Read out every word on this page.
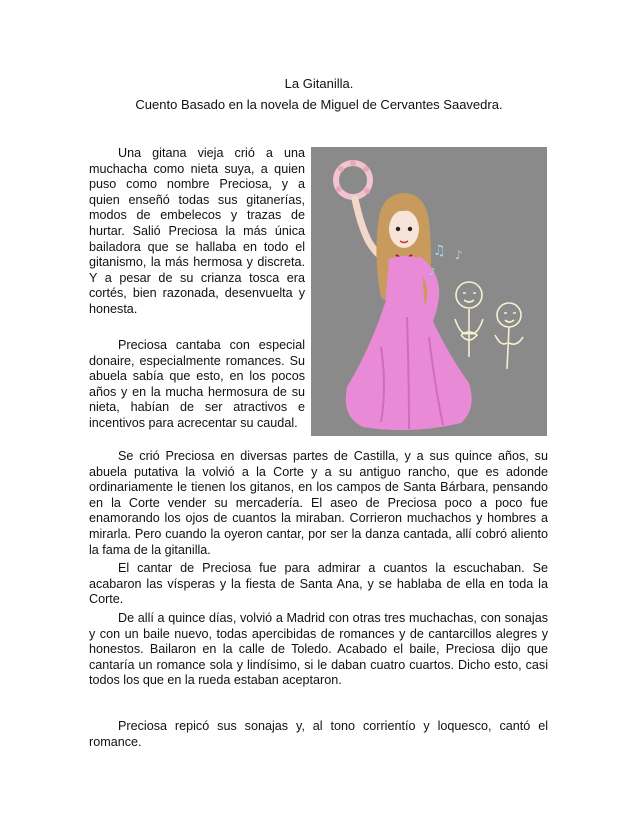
La Gitanilla.
Cuento Basado en la novela de Miguel de Cervantes Saavedra.

Una gitana vieja crió a una muchacha como nieta suya, a quien puso como nombre Preciosa, y a quien enseñó todas sus gitanerías, modos de embelecos y trazas de hurtar. Salió Preciosa la más única bailadora que se hallaba en todo el gitanismo, la más hermosa y discreta. Y a pesar de su crianza tosca era cortés, bien razonada, desenvuelta y honesta.

Preciosa cantaba con especial donaire, especialmente romances. Su abuela sabía que esto, en los pocos años y en la mucha hermosura de su nieta, habían de ser atractivos e incentivos para acrecentar su caudal.

♫ ♪
♪

Se crió Preciosa en diversas partes de Castilla, y a sus quince años, su abuela putativa la volvió a la Corte y a su antiguo rancho, que es adonde ordinariamente le tienen los gitanos, en los campos de Santa Bárbara, pensando en la Corte vender su mercadería. El aseo de Preciosa poco a poco fue enamorando los ojos de cuantos la miraban. Corrieron muchachos y hombres a mirarla. Pero cuando la oyeron cantar, por ser la danza cantada, allí cobró aliento la fama de la gitanilla.

El cantar de Preciosa fue para admirar a cuantos la escuchaban. Se acabaron las vísperas y la fiesta de Santa Ana, y se hablaba de ella en toda la Corte.

De allí a quince días, volvió a Madrid con otras tres muchachas, con sonajas y con un baile nuevo, todas apercibidas de romances y de cantarcillos alegres y honestos. Bailaron en la calle de Toledo. Acabado el baile, Preciosa dijo que cantaría un romance sola y lindísimo, si le daban cuatro cuartos. Dicho esto, casi todos los que en la rueda estaban aceptaron.

Preciosa repicó sus sonajas y, al tono corrientío y loquesco, cantó el romance.
